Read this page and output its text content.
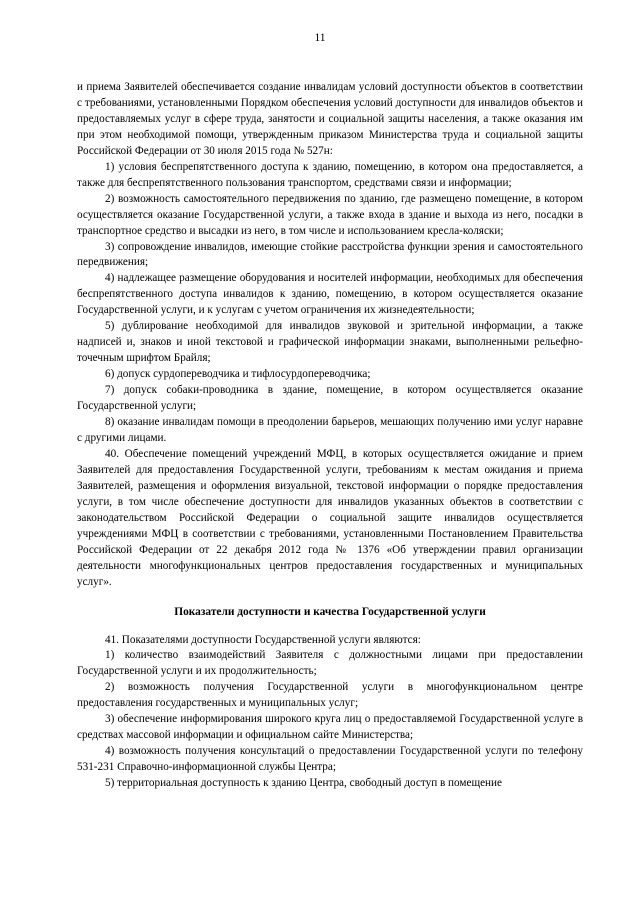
11

и приема Заявителей обеспечивается создание инвалидам условий доступности объектов в соответствии с требованиями, установленными Порядком обеспечения условий доступности для инвалидов объектов и предоставляемых услуг в сфере труда, занятости и социальной защиты населения, а также оказания им при этом необходимой помощи, утвержденным приказом Министерства труда и социальной защиты Российской Федерации от 30 июля 2015 года № 527н:

1) условия беспрепятственного доступа к зданию, помещению, в котором она предоставляется, а также для беспрепятственного пользования транспортом, средствами связи и информации;

2) возможность самостоятельного передвижения по зданию, где размещено помещение, в котором осуществляется оказание Государственной услуги, а также входа в здание и выхода из него, посадки в транспортное средство и высадки из него, в том числе и использованием кресла-коляски;

3) сопровождение инвалидов, имеющие стойкие расстройства функции зрения и самостоятельного передвижения;

4) надлежащее размещение оборудования и носителей информации, необходимых для обеспечения беспрепятственного доступа инвалидов к зданию, помещению, в котором осуществляется оказание Государственной услуги, и к услугам с учетом ограничения их жизнедеятельности;

5) дублирование необходимой для инвалидов звуковой и зрительной информации, а также надписей и, знаков и иной текстовой и графической информации знаками, выполненными рельефно-точечным шрифтом Брайля;

6) допуск сурдопереводчика и тифлосурдопереводчика;

7) допуск собаки-проводника в здание, помещение, в котором осуществляется оказание Государственной услуги;

8) оказание инвалидам помощи в преодолении барьеров, мешающих получению ими услуг наравне с другими лицами.

40. Обеспечение помещений учреждений МФЦ, в которых осуществляется ожидание и прием Заявителей для предоставления Государственной услуги, требованиям к местам ожидания и приема Заявителей, размещения и оформления визуальной, текстовой информации о порядке предоставления услуги, в том числе обеспечение доступности для инвалидов указанных объектов в соответствии с законодательством Российской Федерации о социальной защите инвалидов осуществляется учреждениями МФЦ в соответствии с требованиями, установленными Постановлением Правительства Российской Федерации от 22 декабря 2012 года № 1376 «Об утверждении правил организации деятельности многофункциональных центров предоставления государственных и муниципальных услуг».

Показатели доступности и качества Государственной услуги

41. Показателями доступности Государственной услуги являются:

1) количество взаимодействий Заявителя с должностными лицами при предоставлении Государственной услуги и их продолжительность;

2) возможность получения Государственной услуги в многофункциональном центре предоставления государственных и муниципальных услуг;

3) обеспечение информирования широкого круга лиц о предоставляемой Государственной услуге в средствах массовой информации и официальном сайте Министерства;

4) возможность получения консультаций о предоставлении Государственной услуги по телефону 531-231 Справочно-информационной службы Центра;

5) территориальная доступность к зданию Центра, свободный доступ в помещение
